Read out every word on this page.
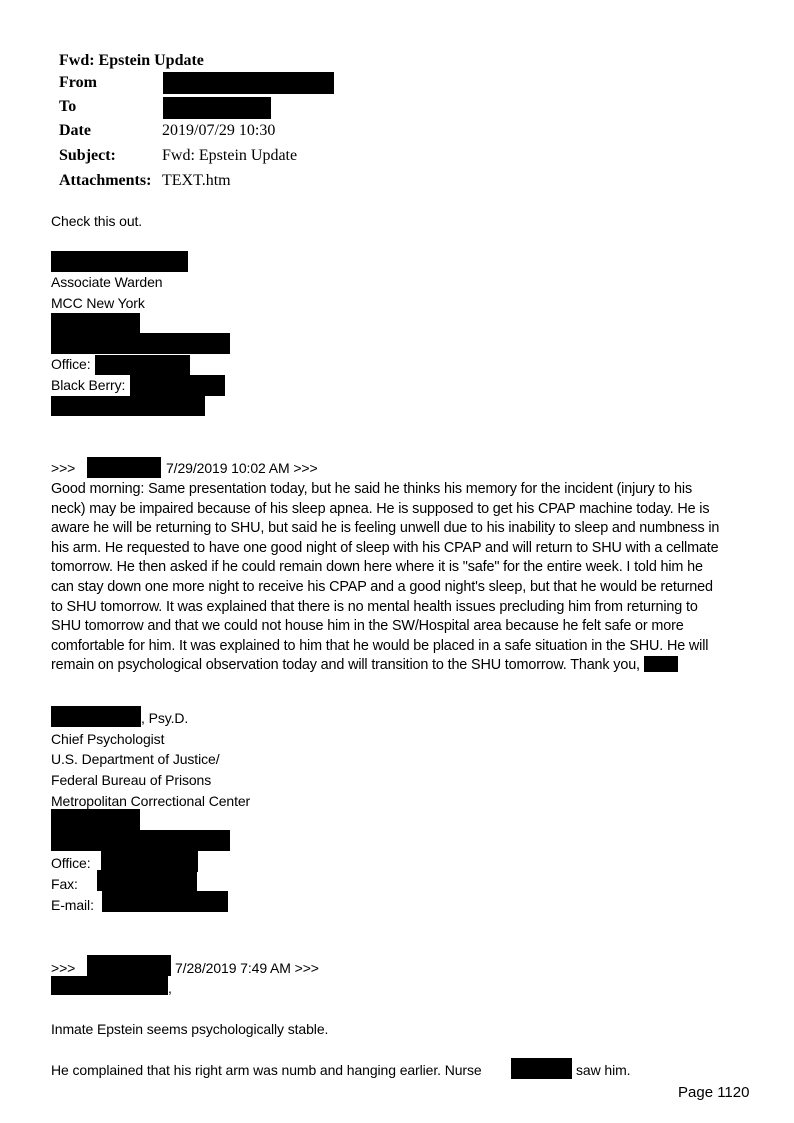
Fwd: Epstein Update
From
To
Date	2019/07/29 10:30
Subject:	Fwd: Epstein Update
Attachments: TEXT.htm
Check this out.
Associate Warden
MCC New York
Office:
Black Berry:
>>>	7/29/2019 10:02 AM >>>
Good morning: Same presentation today, but he said he thinks his memory for the incident (injury to his
neck) may be impaired because of his sleep apnea. He is supposed to get his CPAP machine today. He is
aware he will be returning to SHU, but said he is feeling unwell due to his inability to sleep and numbness in
his arm. He requested to have one good night of sleep with his CPAP and will return to SHU with a cellmate
tomorrow. He then asked if he could remain down here where it is "safe" for the entire week. I told him he
can stay down one more night to receive his CPAP and a good night's sleep, but that he would be returned
to SHU tomorrow. It was explained that there is no mental health issues precluding him from returning to
SHU tomorrow and that we could not house him in the SW/Hospital area because he felt safe or more
comfortable for him. It was explained to him that he would be placed in a safe situation in the SHU. He will
remain on psychological observation today and will transition to the SHU tomorrow. Thank you,
, Psy.D.
Chief Psychologist
U.S. Department of Justice/
Federal Bureau of Prisons
Metropolitan Correctional Center
Office:
Fax:
E-mail:
>>>	7/28/2019 7:49 AM >>>
,
Inmate Epstein seems psychologically stable.
He complained that his right arm was numb and hanging earlier. Nurse	saw him.
Page 1120
